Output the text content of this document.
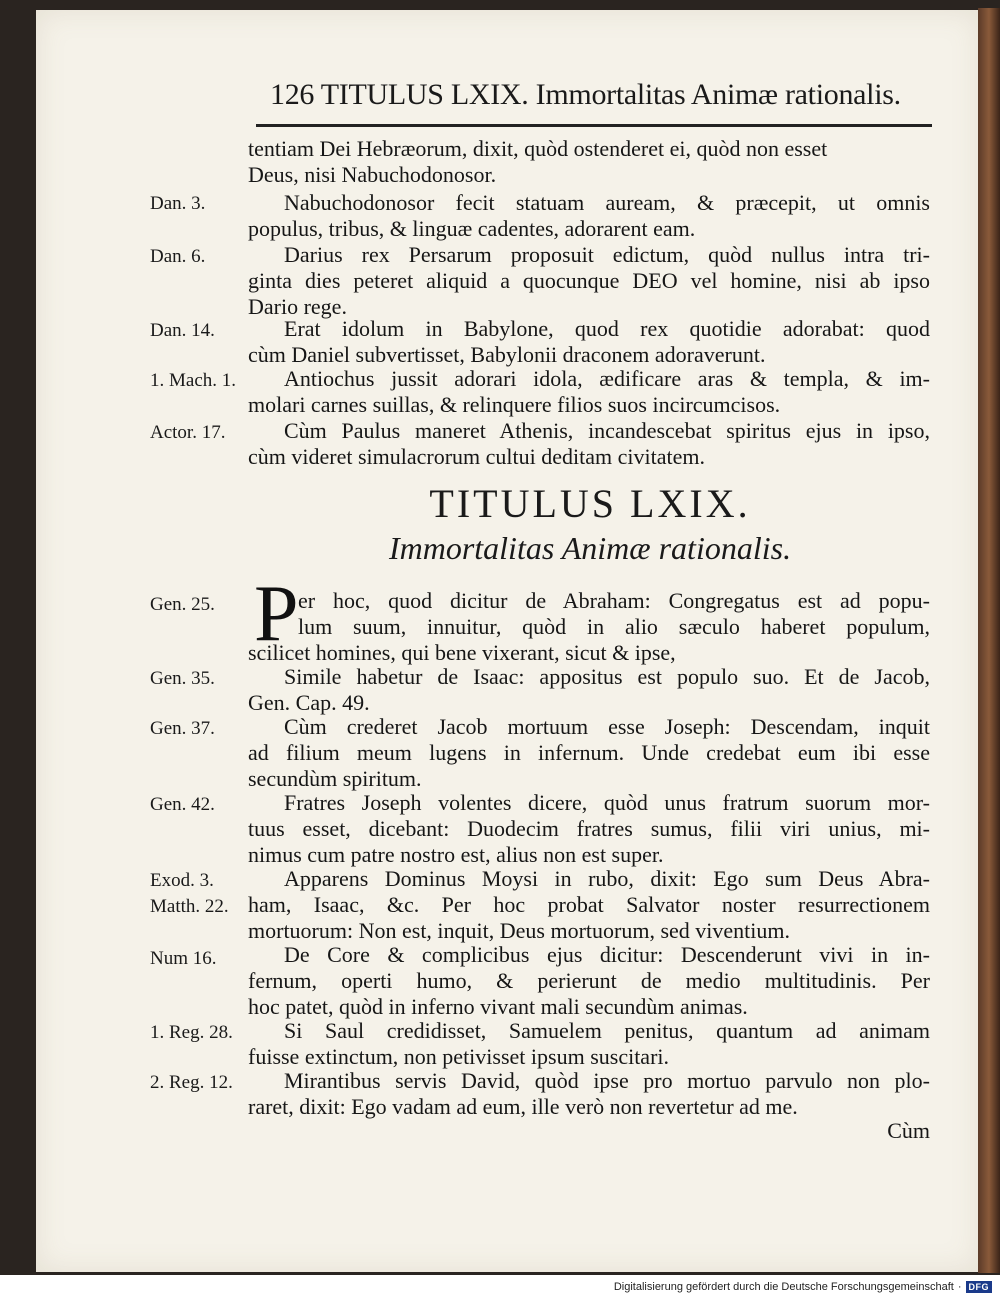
126 TITULUS LXIX. Immortalitas Animæ rationalis.
tentiam Dei Hebræorum, dixit, quòd ostenderet ei, quòd non esset
Deus, nisi Nabuchodonosor.
Dan. 3.	Nabuchodonosor fecit statuam auream, & præcepit, ut omnis
populus, tribus, & linguæ cadentes, adorarent eam.
Dan. 6.	Darius rex Persarum proposuit edictum, quòd nullus intra tri-
ginta dies peteret aliquid a quocunque DEO vel homine, nisi ab ipso
Dario rege.
Dan. 14.	Erat idolum in Babylone, quod rex quotidie adorabat: quod
cùm Daniel subvertisset, Babylonii draconem adoraverunt.
1. Mach. 1.	Antiochus jussit adorari idola, ædificare aras & templa, & im-
molari carnes suillas, & relinquere filios suos incircumcisos.
Actor. 17.	Cùm Paulus maneret Athenis, incandescebat spiritus ejus in ipso,
cùm videret simulacrorum cultui deditam civitatem.
TITULUS LXIX.
Immortalitas Animæ rationalis.
Gen. 25. P er hoc, quod dicitur de Abraham: Congregatus est ad popu-
lum suum, innuitur, quòd in alio sæculo haberet populum,
scilicet homines, qui bene vixerant, sicut & ipse,
Gen. 35.	Simile habetur de Isaac: appositus est populo suo. Et de Jacob,
Gen. Cap. 49.
Gen. 37.	Cùm crederet Jacob mortuum esse Joseph: Descendam, inquit
ad filium meum lugens in infernum. Unde credebat eum ibi esse
secundùm spiritum.
Gen. 42.	Fratres Joseph volentes dicere, quòd unus fratrum suorum mor-
tuus esset, dicebant: Duodecim fratres sumus, filii viri unius, mi-
nimus cum patre nostro est, alius non est super.
Exod. 3.	Apparens Dominus Moysi in rubo, dixit: Ego sum Deus Abra-
Matth. 22. ham, Isaac, &c. Per hoc probat Salvator noster resurrectionem
mortuorum: Non est, inquit, Deus mortuorum, sed viventium.
Num 16.	De Core & complicibus ejus dicitur: Descenderunt vivi in in-
fernum, operti humo, & perierunt de medio multitudinis. Per
hoc patet, quòd in inferno vivant mali secundùm animas.
1. Reg. 28.	Si Saul credidisset, Samuelem penitus, quantum ad animam
fuisse extinctum, non petivisset ipsum suscitari.
2. Reg. 12.	Mirantibus servis David, quòd ipse pro mortuo parvulo non plo-
raret, dixit: Ego vadam ad eum, ille verò non revertetur ad me.
Cùm
Digitalisierung gefördert durch die Deutsche Forschungsgemeinschaft · DFG
